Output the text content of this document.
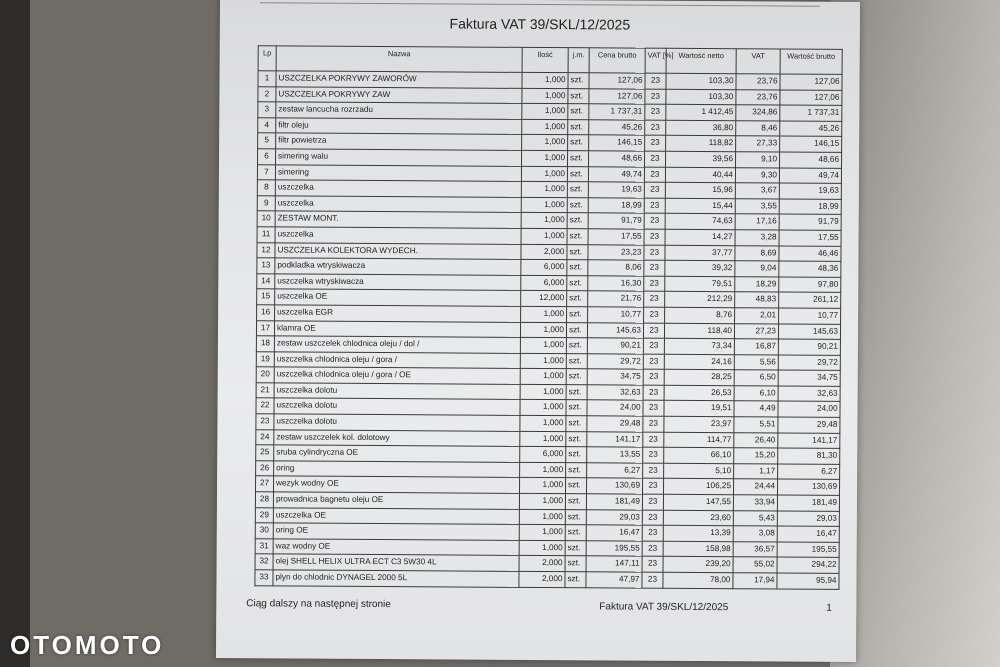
Faktura VAT 39/SKL/12/2025
Lp	Nazwa	Ilość	j.m.	Cena brutto	VAT [%]	Wartość netto	VAT	Wartość brutto
1	USZCZELKA POKRYWY ZAWORÓW	1,000	szt.	127,06	23	103,30	23,76	127,06
2	USZCZELKA POKRYWY ZAW	1,000	szt.	127,06	23	103,30	23,76	127,06
3	zestaw lancucha rozrzadu	1,000	szt.	1 737,31	23	1 412,45	324,86	1 737,31
4	filtr oleju	1,000	szt.	45,26	23	36,80	8,46	45,26
5	filtr powietrza	1,000	szt.	146,15	23	118,82	27,33	146,15
6	simering walu	1,000	szt.	48,66	23	39,56	9,10	48,66
7	simering	1,000	szt.	49,74	23	40,44	9,30	49,74
8	uszczelka	1,000	szt.	19,63	23	15,96	3,67	19,63
9	uszczelka	1,000	szt.	18,99	23	15,44	3,55	18,99
10	ZESTAW MONT.	1,000	szt.	91,79	23	74,63	17,16	91,79
11	uszczelka	1,000	szt.	17,55	23	14,27	3,28	17,55
12	USZCZELKA KOLEKTORA WYDECH.	2,000	szt.	23,23	23	37,77	8,69	46,46
13	podkladka wtryskiwacza	6,000	szt.	8,06	23	39,32	9,04	48,36
14	uszczelka wtryskiwacza	6,000	szt.	16,30	23	79,51	18,29	97,80
15	uszczelka OE	12,000	szt.	21,76	23	212,29	48,83	261,12
16	uszczelka EGR	1,000	szt.	10,77	23	8,76	2,01	10,77
17	klamra OE	1,000	szt.	145,63	23	118,40	27,23	145,63
18	zestaw uszczelek chlodnica oleju / dol /	1,000	szt.	90,21	23	73,34	16,87	90,21
19	uszczelka chlodnica oleju / gora /	1,000	szt.	29,72	23	24,16	5,56	29,72
20	uszczelka chlodnica oleju / gora / OE	1,000	szt.	34,75	23	28,25	6,50	34,75
21	uszczelka dolotu	1,000	szt.	32,63	23	26,53	6,10	32,63
22	uszczelka dolotu	1,000	szt.	24,00	23	19,51	4,49	24,00
23	uszczelka dolotu	1,000	szt.	29,48	23	23,97	5,51	29,48
24	zestaw uszczelek kol. dolotowy	1,000	szt.	141,17	23	114,77	26,40	141,17
25	sruba cylindryczna OE	6,000	szt.	13,55	23	66,10	15,20	81,30
26	oring	1,000	szt.	6,27	23	5,10	1,17	6,27
27	wezyk wodny OE	1,000	szt.	130,69	23	106,25	24,44	130,69
28	prowadnica bagnetu oleju OE	1,000	szt.	181,49	23	147,55	33,94	181,49
29	uszczelka OE	1,000	szt.	29,03	23	23,60	5,43	29,03
30	oring OE	1,000	szt.	16,47	23	13,39	3,08	16,47
31	waz wodny OE	1,000	szt.	195,55	23	158,98	36,57	195,55
32	olej SHELL HELIX ULTRA ECT C3 5W30 4L	2,000	szt.	147,11	23	239,20	55,02	294,22
33	plyn do chlodnic DYNAGEL 2000 5L	2,000	szt.	47,97	23	78,00	17,94	95,94
Ciąg dalszy na następnej stronie	Faktura VAT 39/SKL/12/2025	1
OTOMOTO
